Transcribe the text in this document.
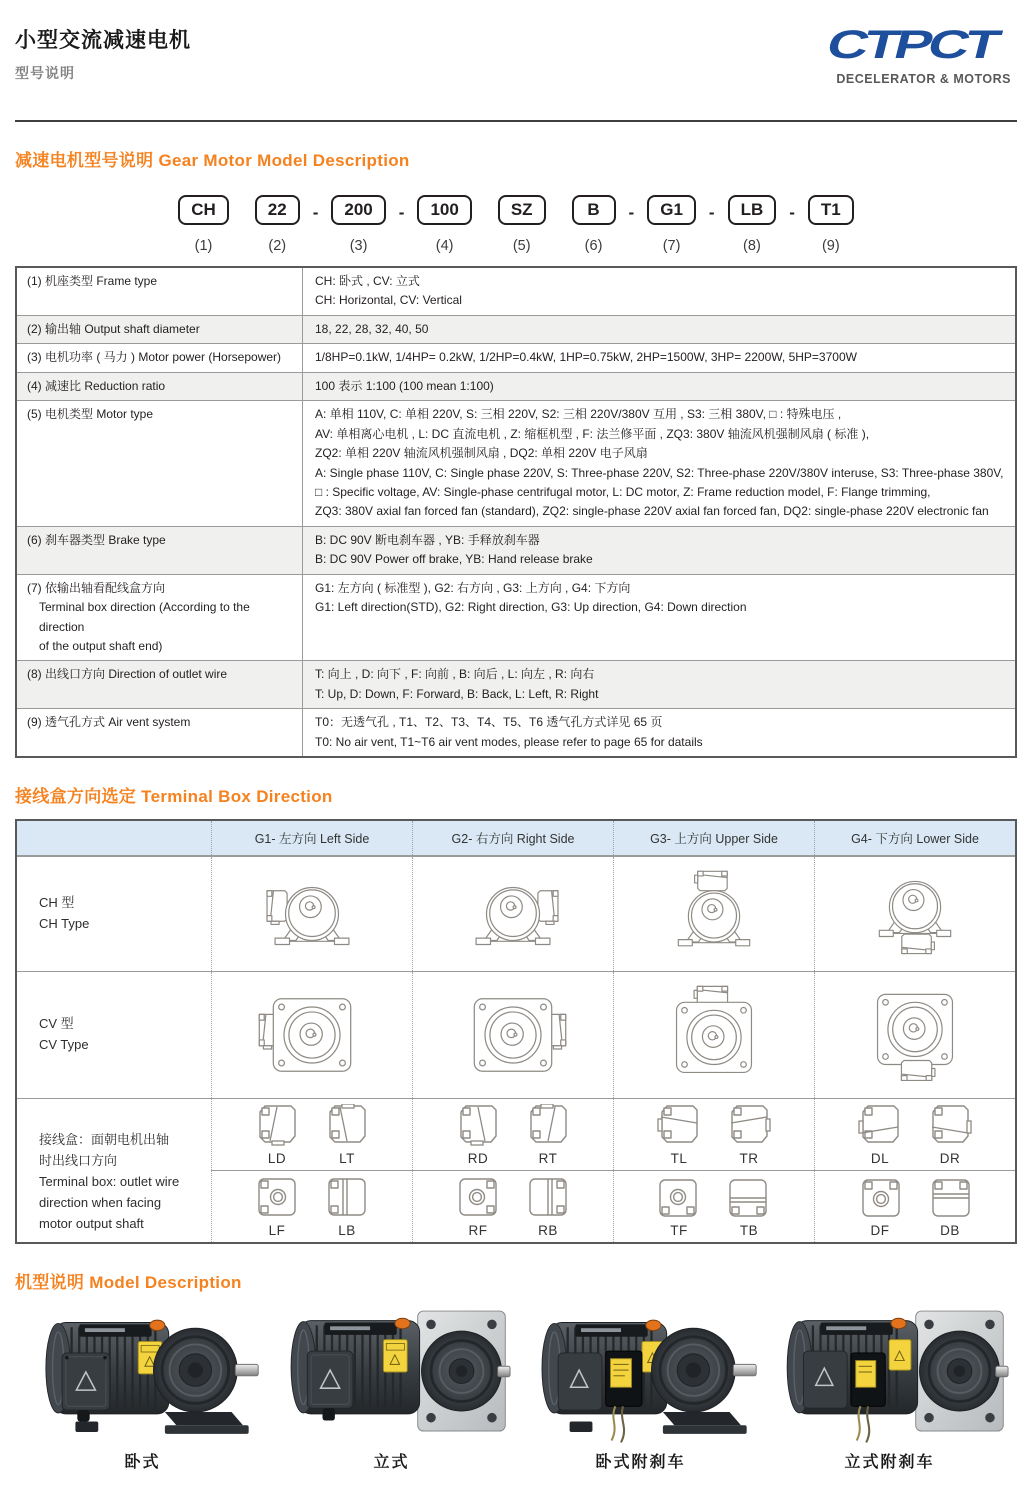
小型交流减速电机
型号说明
CTPCT
DECELERATOR & MOTORS
减速电机型号说明 Gear Motor Model Description
CH
(1)
22
(2)
-	200
(3)
-	100
(4)
SZ
(5)
B
(6)
-	G1
(7)
-	LB
(8)
-	T1
(9)
(1) 机座类型 Frame type	CH: 卧式 , CV: 立式
CH: Horizontal, CV: Vertical
(2) 输出轴 Output shaft diameter	18, 22, 28, 32, 40, 50
(3) 电机功率 ( 马力 ) Motor power (Horsepower)	1/8HP=0.1kW, 1/4HP= 0.2kW, 1/2HP=0.4kW, 1HP=0.75kW, 2HP=1500W, 3HP= 2200W, 5HP=3700W
(4) 减速比 Reduction ratio	100 表示 1:100 (100 mean 1:100)
(5) 电机类型 Motor type	A: 单相 110V, C: 单相 220V, S: 三相 220V, S2: 三相 220V/380V 互用 , S3: 三相 380V, □ : 特殊电压 ,
AV: 单相离心电机 , L: DC 直流电机 , Z: 缩框机型 , F: 法兰修平面 , ZQ3: 380V 轴流风机强制风扇 ( 标准 ),
ZQ2: 单相 220V 轴流风机强制风扇 , DQ2: 单相 220V 电子风扇
A: Single phase 110V, C: Single phase 220V, S: Three-phase 220V, S2: Three-phase 220V/380V interuse, S3: Three-phase 380V,
□ : Specific voltage, AV: Single-phase centrifugal motor, L: DC motor, Z: Frame reduction model, F: Flange trimming,
ZQ3: 380V axial fan forced fan (standard), ZQ2: single-phase 220V axial fan forced fan, DQ2: single-phase 220V electronic fan
(6) 刹车器类型 Brake type	B: DC 90V 断电刹车器 , YB: 手释放刹车器
B: DC 90V Power off brake, YB: Hand release brake
(7) 依输出轴看配线盒方向
Terminal box direction (According to the direction
of the output shaft end)
G1: 左方向 ( 标准型 ), G2: 右方向 , G3: 上方向 , G4: 下方向
G1: Left direction(STD), G2: Right direction, G3: Up direction, G4: Down direction
(8) 出线口方向 Direction of outlet wire	T: 向上 , D: 向下 , F: 向前 , B: 向后 , L: 向左 , R: 向右
T: Up, D: Down, F: Forward, B: Back, L: Left, R: Right
(9) 透气孔方式 Air vent system	T0：无透气孔 , T1、T2、T3、T4、T5、T6 透气孔方式详见 65 页
T0: No air vent, T1~T6 air vent modes, please refer to page 65 for datails
接线盒方向选定 Terminal Box Direction
G1- 左方向 Left Side	G2- 右方向 Right Side	G3- 上方向 Upper Side	G4- 下方向 Lower Side
CH 型
CH Type
CV 型
CV Type
接线盒：面朝电机出轴
时出线口方向
Terminal box: outlet wire
direction when facing
motor output shaft
LD	LT	RD	RT	TL	TR	DL	DR
LF	LB	RF	RB	TF	TB	DF	DB
机型说明 Model Description
卧式	立式	卧式附刹车	立式附刹车
